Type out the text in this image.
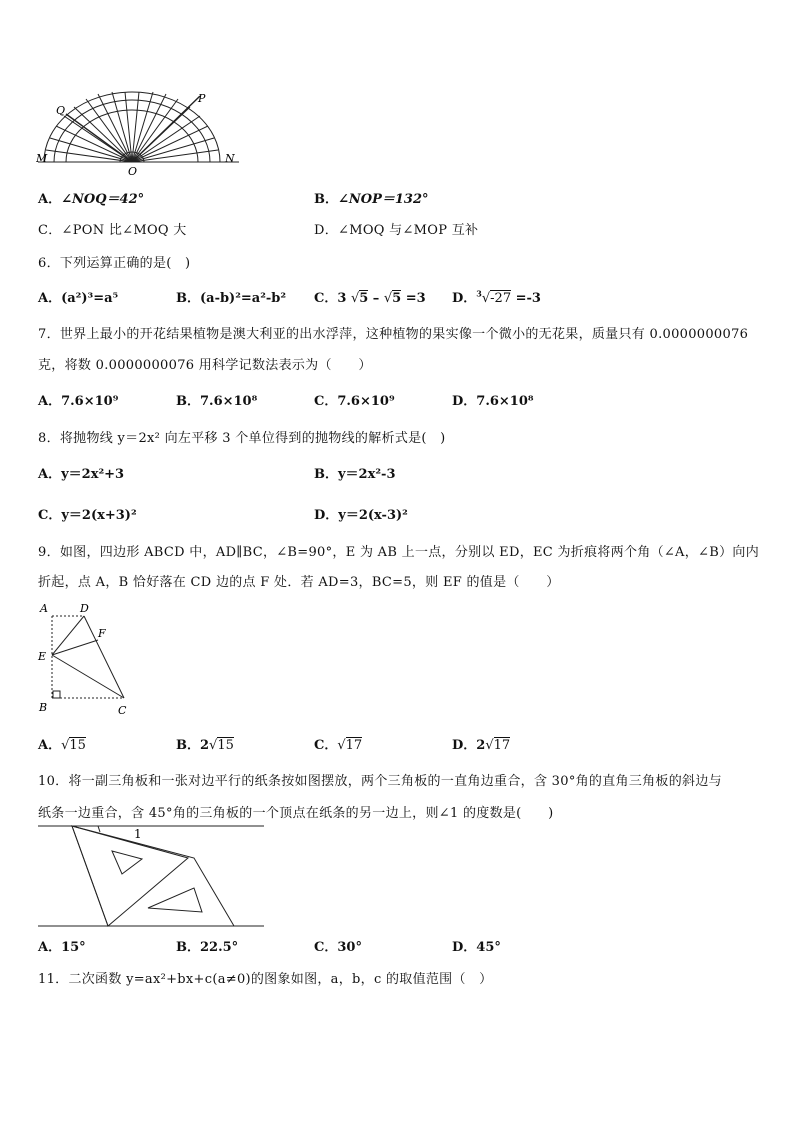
Q
P
M	N
O
A．∠NOQ＝42°	B．∠NOP＝132°
C．∠PON 比∠MOQ 大	D．∠MOQ 与∠MOP 互补
6．下列运算正确的是(　)
A．(a²)³=a⁵	B．(a-b)²=a²-b² C．3 √5 – √5 =3 D．$^3$√-27 =-3
7．世界上最小的开花结果植物是澳大利亚的出水浮萍，这种植物的果实像一个微小的无花果，质量只有 0.0000000076
克，将数 0.0000000076 用科学记数法表示为（　　）
A．7.6×10⁹	B．7.6×10⁸	C．7.6×10⁹	D．7.6×10⁸
8．将抛物线 y＝2x² 向左平移 3 个单位得到的抛物线的解析式是(　)
A．y＝2x²+3	B．y＝2x²-3
C．y＝2(x+3)²	D．y＝2(x-3)²
9．如图，四边形 ABCD 中，AD∥BC，∠B=90°，E 为 AB 上一点，分别以 ED，EC 为折痕将两个角（∠A，∠B）向内
折起，点 A，B 恰好落在 CD 边的点 F 处．若 AD=3，BC=5，则 EF 的值是（　　）
A	D
F
E
B	C
A．√15	B．2√15	C．√17	D．2√17
10．将一副三角板和一张对边平行的纸条按如图摆放，两个三角板的一直角边重合，含 30°角的直角三角板的斜边与
纸条一边重合，含 45°角的三角板的一个顶点在纸条的另一边上，则∠1 的度数是(　　)
1
A．15°	B．22.5°	C．30°	D．45°
11．二次函数 y=ax²+bx+c(a≠0)的图象如图，a，b，c 的取值范围（　）
